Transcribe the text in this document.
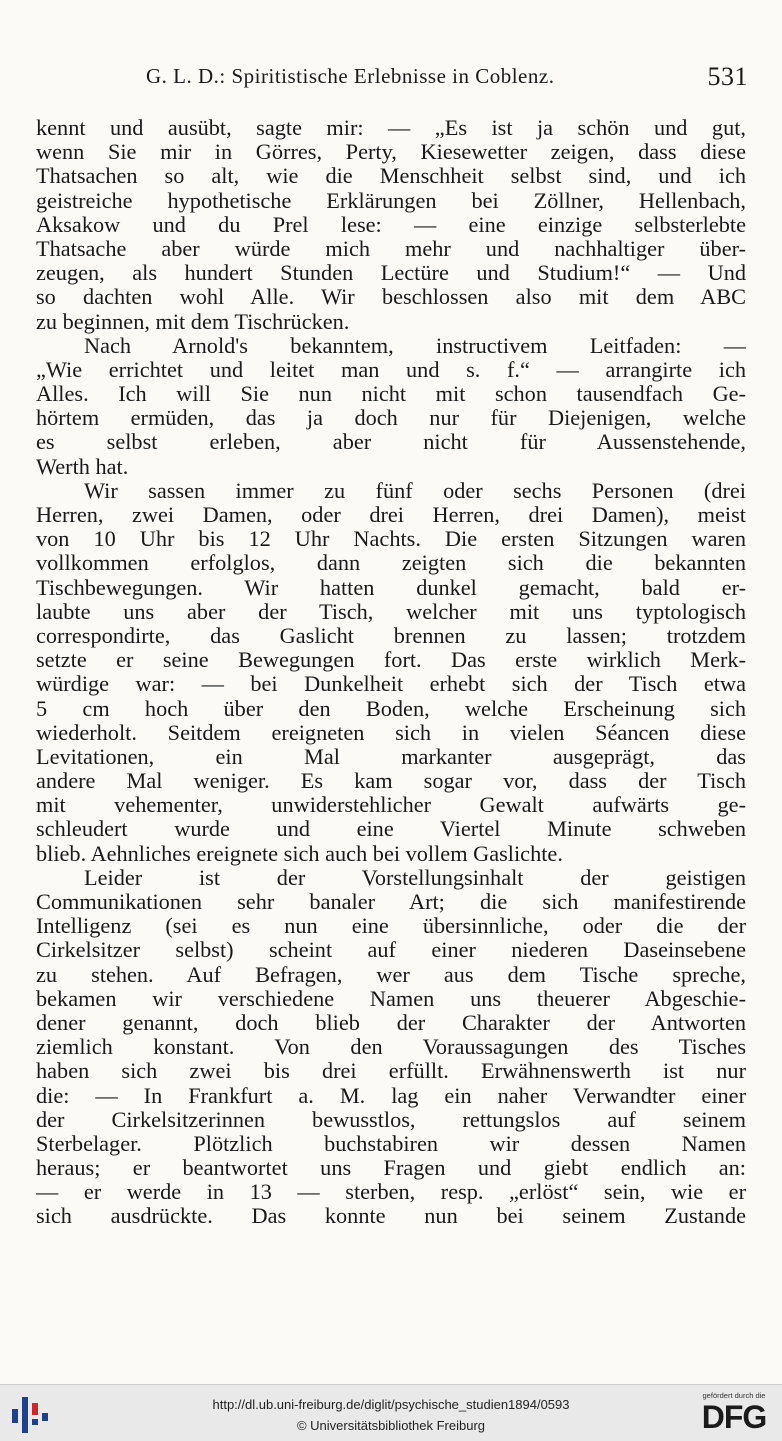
G. L. D.: Spiritistische Erlebnisse in Coblenz.	531
kennt und ausübt, sagte mir: — „Es ist ja schön und gut,
wenn Sie mir in Görres, Perty, Kiesewetter zeigen, dass diese
Thatsachen so alt, wie die Menschheit selbst sind, und ich
geistreiche hypothetische Erklärungen bei Zöllner, Hellenbach,
Aksakow und du Prel lese: — eine einzige selbsterlebte
Thatsache aber würde mich mehr und nachhaltiger über-
zeugen, als hundert Stunden Lectüre und Studium!“ — Und
so dachten wohl Alle. Wir beschlossen also mit dem ABC
zu beginnen, mit dem Tischrücken.
Nach Arnold's bekanntem, instructivem Leitfaden: —
„Wie errichtet und leitet man und s. f.“ — arrangirte ich
Alles. Ich will Sie nun nicht mit schon tausendfach Ge-
hörtem ermüden, das ja doch nur für Diejenigen, welche
es selbst erleben, aber nicht für Aussenstehende,
Werth hat.
Wir sassen immer zu fünf oder sechs Personen (drei
Herren, zwei Damen, oder drei Herren, drei Damen), meist
von 10 Uhr bis 12 Uhr Nachts. Die ersten Sitzungen waren
vollkommen erfolglos, dann zeigten sich die bekannten
Tischbewegungen. Wir hatten dunkel gemacht, bald er-
laubte uns aber der Tisch, welcher mit uns typtologisch
correspondirte, das Gaslicht brennen zu lassen; trotzdem
setzte er seine Bewegungen fort. Das erste wirklich Merk-
würdige war: — bei Dunkelheit erhebt sich der Tisch etwa
5 cm hoch über den Boden, welche Erscheinung sich
wiederholt. Seitdem ereigneten sich in vielen Séancen diese
Levitationen, ein Mal markanter ausgeprägt, das
andere Mal weniger. Es kam sogar vor, dass der Tisch
mit vehementer, unwiderstehlicher Gewalt aufwärts ge-
schleudert wurde und eine Viertel Minute schweben
blieb. Aehnliches ereignete sich auch bei vollem Gaslichte.
Leider ist der Vorstellungsinhalt der geistigen
Communikationen sehr banaler Art; die sich manifestirende
Intelligenz (sei es nun eine übersinnliche, oder die der
Cirkelsitzer selbst) scheint auf einer niederen Daseinsebene
zu stehen. Auf Befragen, wer aus dem Tische spreche,
bekamen wir verschiedene Namen uns theuerer Abgeschie-
dener genannt, doch blieb der Charakter der Antworten
ziemlich konstant. Von den Voraussagungen des Tisches
haben sich zwei bis drei erfüllt. Erwähnenswerth ist nur
die: — In Frankfurt a. M. lag ein naher Verwandter einer
der Cirkelsitzerinnen bewusstlos, rettungslos auf seinem
Sterbelager. Plötzlich buchstabiren wir dessen Namen
heraus; er beantwortet uns Fragen und giebt endlich an:
— er werde in 13 — sterben, resp. „erlöst“ sein, wie er
sich ausdrückte. Das konnte nun bei seinem Zustande
http://dl.ub.uni-freiburg.de/diglit/psychische_studien1894/0593
© Universitätsbibliothek Freiburg
gefördert durch die
DFG
